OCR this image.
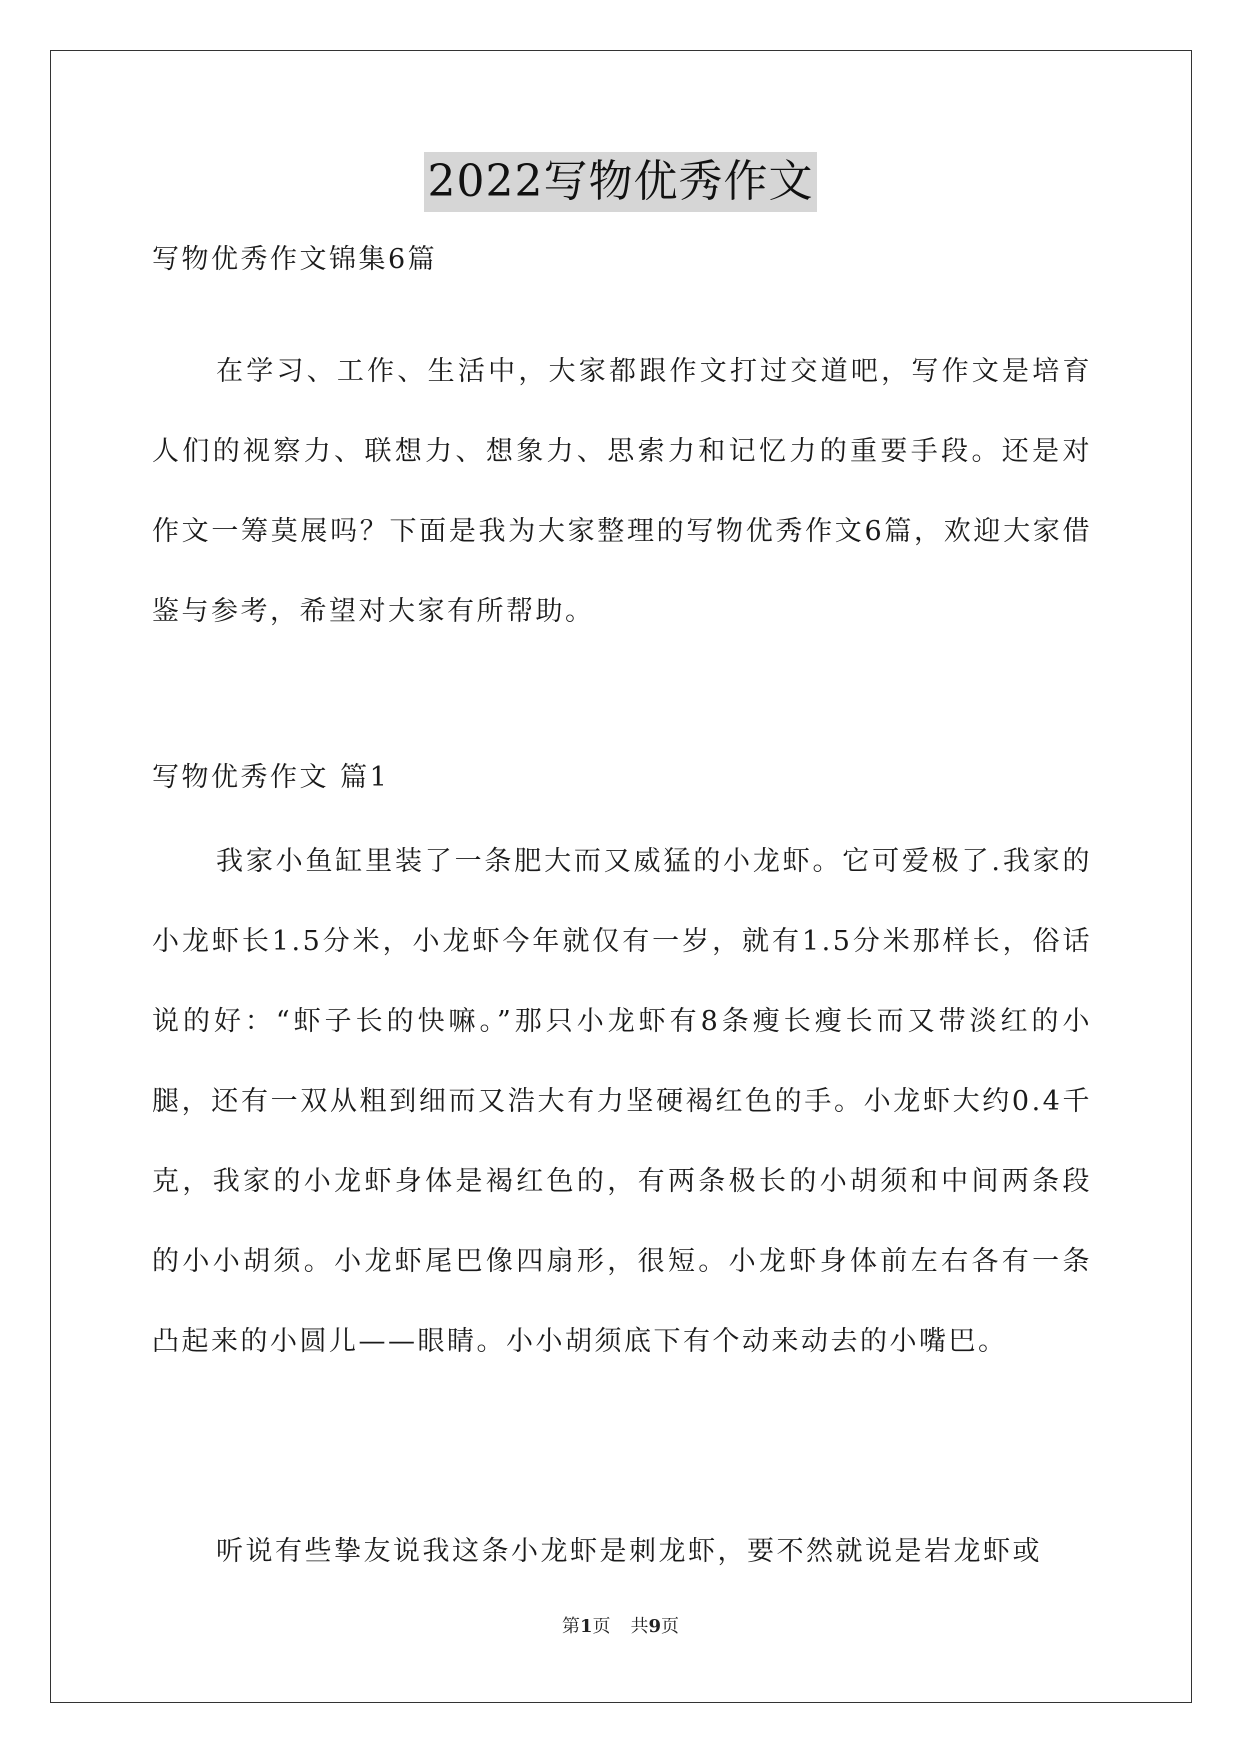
2022写物优秀作文

写物优秀作文锦集6篇

在学习、工作、生活中，大家都跟作文打过交道吧，写作文是培育人们的视察力、联想力、想象力、思索力和记忆力的重要手段。还是对作文一筹莫展吗？下面是我为大家整理的写物优秀作文6篇，欢迎大家借鉴与参考，希望对大家有所帮助。

写物优秀作文 篇1

我家小鱼缸里装了一条肥大而又威猛的小龙虾。它可爱极了.我家的小龙虾长1.5分米，小龙虾今年就仅有一岁，就有1.5分米那样长，俗话说的好：“虾子长的快嘛。”那只小龙虾有8条瘦长瘦长而又带淡红的小腿，还有一双从粗到细而又浩大有力坚硬褐红色的手。小龙虾大约0.4千克，我家的小龙虾身体是褐红色的，有两条极长的小胡须和中间两条段的小小胡须。小龙虾尾巴像四扇形，很短。小龙虾身体前左右各有一条凸起来的小圆儿——眼睛。小小胡须底下有个动来动去的小嘴巴。

听说有些挚友说我这条小龙虾是刺龙虾，要不然就说是岩龙虾或

第1页 共9页
